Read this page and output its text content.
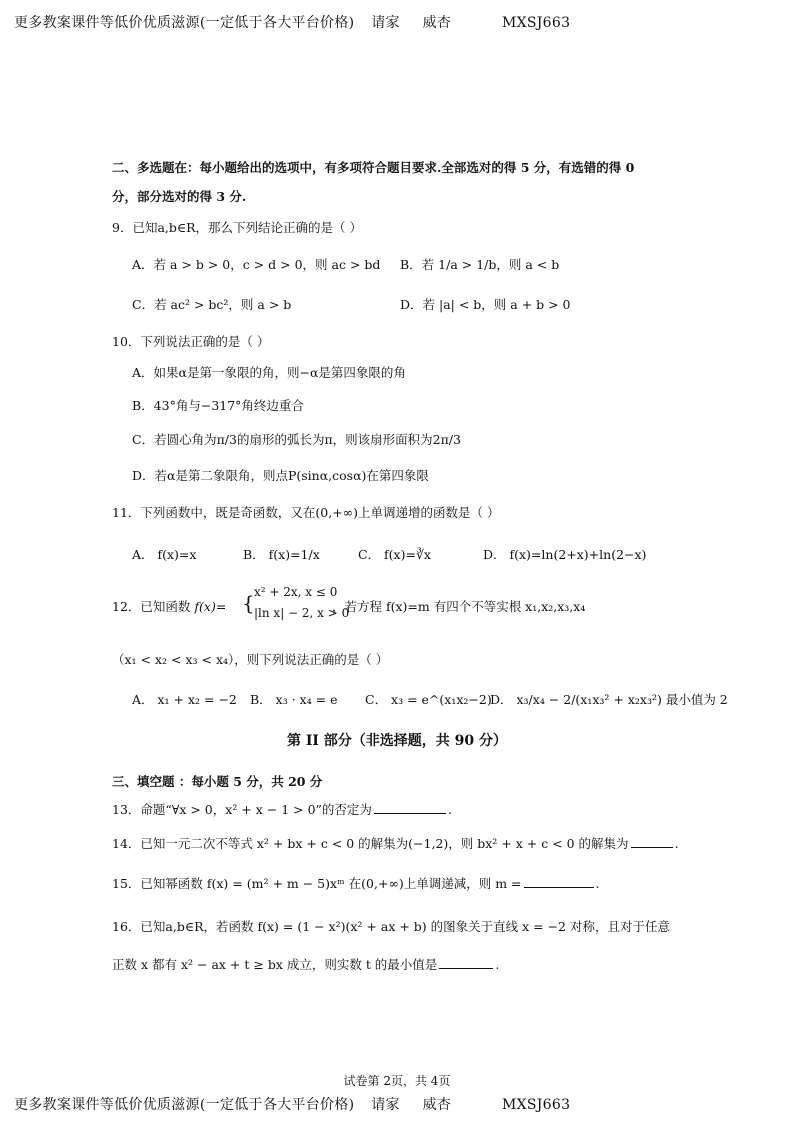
更多教案课件等低价优质滋源(一定低于各大平台价格) 请家 威杏	MXSJ663
二、多选题在：每小题给出的选项中，有多项符合题目要求.全部选对的得 5 分，有选错的得 0
分，部分选对的得 3 分.
9．已知a,b∈R，那么下列结论正确的是（ ）
A．若 a > b > 0，c > d > 0，则 ac > bd B．若 1/a > 1/b，则 a < b
C．若 ac² > bc²，则 a > b	D．若 |a| < b，则 a + b > 0
10．下列说法正确的是（ ）
A．如果α是第一象限的角，则−α是第四象限的角
B．43°角与−317°角终边重合
C．若圆心角为π/3的扇形的弧长为π，则该扇形面积为2π/3
D．若α是第二象限角，则点P(sinα,cosα)在第四象限
11．下列函数中，既是奇函数，又在(0,+∞)上单调递增的函数是（ ）
A． f(x)=x	B． f(x)=1/x	C． f(x)=∛x	D． f(x)=ln(2+x)+ln(2−x)
12．已知函数 f(x)= { x² + 2x, x ≤ 0
|ln x| − 2, x > 0
，若方程 f(x)=m 有四个不等实根 x₁,x₂,x₃,x₄
（x₁ < x₂ < x₃ < x₄），则下列说法正确的是（ ）
A． x₁ + x₂ = −2 B． x₃ · x₄ = e C． x₃ = e^(x₁x₂−2)
D． x₃/x₄ − 2/(x₁x₃² + x₂x₃²) 最小值为 2
第 II 部分（非选择题，共 90 分）
三、填空题 ：每小题 5 分，共 20 分
13．命题“∀x > 0，x² + x − 1 > 0”的否定为	.
14．已知一元二次不等式 x² + bx + c < 0 的解集为(−1,2)，则 bx² + x + c < 0 的解集为	.
15．已知幂函数 f(x) = (m² + m − 5)xᵐ 在(0,+∞)上单调递减，则 m =	.
16．已知a,b∈R，若函数 f(x) = (1 − x²)(x² + ax + b) 的图象关于直线 x = −2 对称，且对于任意
正数 x 都有 x² − ax + t ≥ bx 成立，则实数 t 的最小值是	.
试卷第 2页，共 4页
更多教案课件等低价优质滋源(一定低于各大平台价格) 请家 威杏	MXSJ663
